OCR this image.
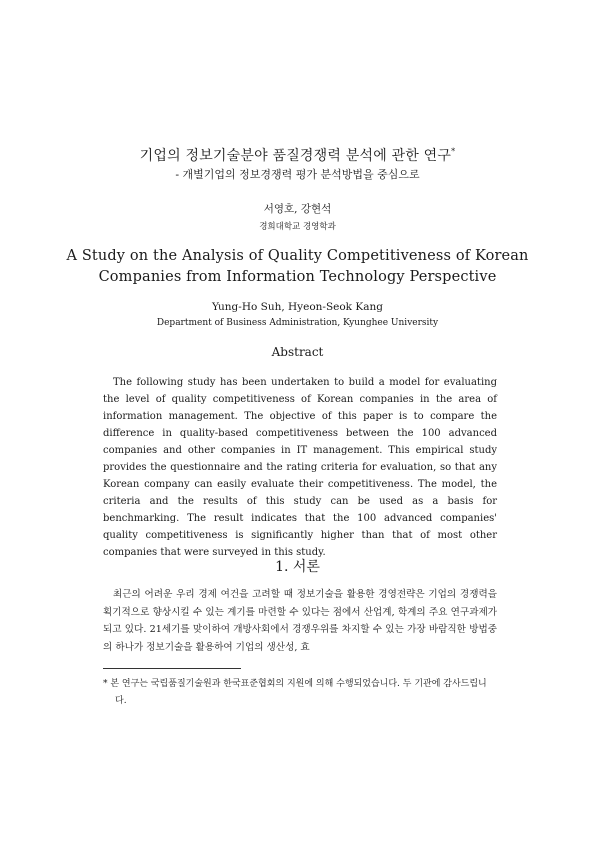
기업의 정보기술분야 품질경쟁력 분석에 관한 연구*
- 개별기업의 정보경쟁력 평가 분석방법을 중심으로
서영호, 강현석
경희대학교 경영학과
A Study on the Analysis of Quality Competitiveness of Korean
Companies from Information Technology Perspective
Yung-Ho Suh, Hyeon-Seok Kang
Department of Business Administration, Kyunghee University
Abstract
The following study has been undertaken to build a model for evaluating the level of quality competitiveness of Korean companies in the area of information management. The objective of this paper is to compare the difference in quality-based competitiveness between the 100 advanced companies and other companies in IT management. This empirical study provides the questionnaire and the rating criteria for evaluation, so that any Korean company can easily evaluate their competitiveness. The model, the criteria and the results of this study can be used as a basis for benchmarking. The result indicates that the 100 advanced companies' quality competitiveness is significantly higher than that of most other companies that were surveyed in this study.
1. 서론
최근의 어려운 우리 경제 여건을 고려할 때 정보기술을 활용한 경영전략은 기업의 경쟁력을 획기적으로 향상시킬 수 있는 계기를 마련할 수 있다는 점에서 산업계, 학계의 주요 연구과제가 되고 있다. 21세기를 맞이하여 개방사회에서 경쟁우위를 차지할 수 있는 가장 바람직한 방법중의 하나가 정보기술을 활용하여 기업의 생산성, 효
* 본 연구는 국립품질기술원과 한국표준협회의 지원에 의해 수행되었습니다. 두 기관에 감사드립니다.
